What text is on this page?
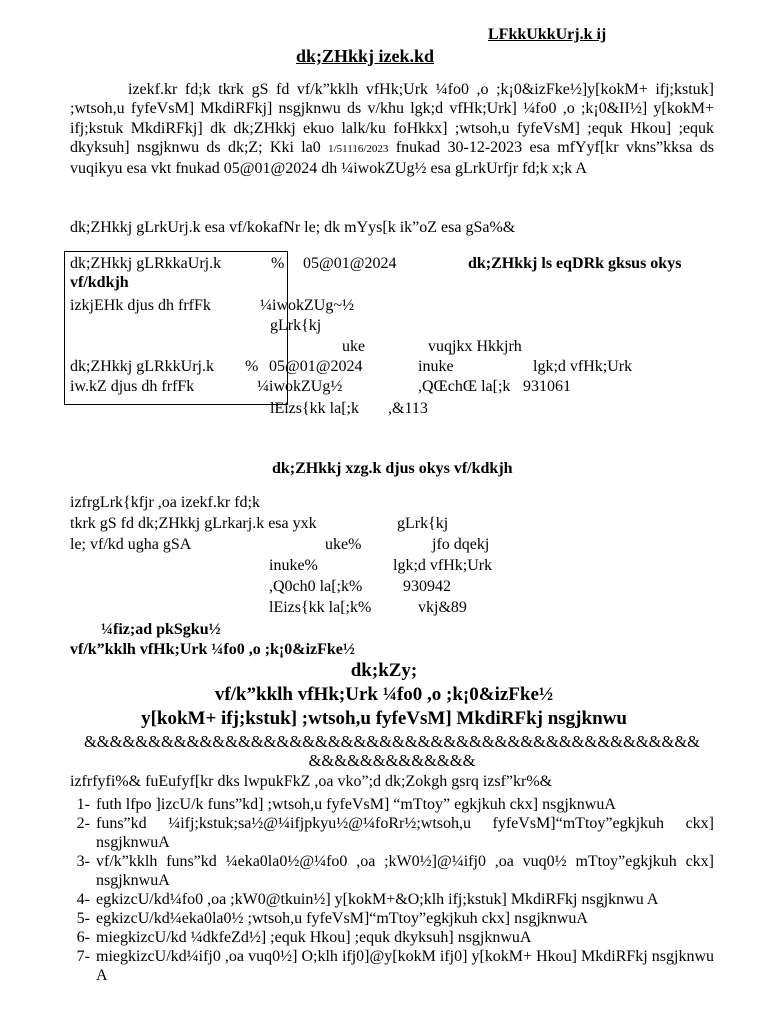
LFkkUkkUrj.k ij
dk;ZHkkj izek.kd
izekf.kr fd;k tkrk gS fd vf/k”kklh vfHk;Urk ¼fo0 ,o ;k¡0&izFke½]y[kokM+ ifj;kstuk] ;wtsoh,u fyfeVsM] MkdiRFkj] nsgjknwu ds v/khu lgk;d vfHk;Urk] ¼fo0 ,o ;k¡0&II½] y[kokM+ ifj;kstuk MkdiRFkj] dk dk;ZHkkj ekuo lalk/ku foHkkx] ;wtsoh,u fyfeVsM] ;equk Hkou] ;equk dkyksuh] nsgjknwu ds dk;Z; Kki la0 1/51116/2023 fnukad 30-12-2023 esa mfYyf[kr vkns”kksa ds vuqikyu esa vkt fnukad 05@01@2024 dh ¼iwokZUg½ esa gLrkUrfjr fd;k x;k A
dk;ZHkkj gLrkUrj.k esa vf/kokafNr le; dk mYys[k ik”oZ esa gSa%&
dk;ZHkkj gLRkkaUrj.k	% 05@01@2024	dk;ZHkkj ls eqDRk gksus okys
vf/kdkjh
izkjEHk djus dh frfFk	¼iwokZUg~½
gLrk{kj
uke	vuqjkx Hkkjrh
dk;ZHkkj gLRkkUrj.k % 05@01@2024	inuke	lgk;d vfHk;Urk
iw.kZ djus dh frfFk	¼iwokZUg½	,QŒchŒ la[;k 931061
lEizs{kk la[;k ,&113
dk;ZHkkj xzg.k djus okys vf/kdkjh
izfrgLrk{kfjr ,oa izekf.kr fd;k
tkrk gS fd dk;ZHkkj gLrkarj.k esa yxk	gLrk{kj
le; vf/kd ugha gSA	uke%	jfo dqekj
inuke%	lgk;d vfHk;Urk
,Q0ch0 la[;k%	930942
lEizs{kk la[;k%	vkj&89
¼fiz;ad pkSgku½
vf/k”kklh vfHk;Urk ¼fo0 ,o ;k¡0&izFke½
dk;kZy;
vf/k”kklh vfHk;Urk ¼fo0 ,o ;k¡0&izFke½
y[kokM+ ifj;kstuk] ;wtsoh,u fyfeVsM] MkdiRFkj nsgjknwu
&&&&&&&&&&&&&&&&&&&&&&&&&&&&&&&&&&&&&&&&&&&&&&&&&&&&&&&&&&&&&
izfrfyfi%& fuEufyf[kr dks lwpukFkZ ,oa vko”;d dk;Zokgh gsrq izsf”kr%&
1- futh lfpo ]izcU/k funs”kd] ;wtsoh,u fyfeVsM] “mTtoy” egkjkuh ckx] nsgjknwuA
2- funs”kd ¼ifj;kstuk;sa½@¼ifjpkyu½@¼foRr½;wtsoh,u fyfeVsM]“mTtoy”egkjkuh ckx] nsgjknwuA
3- vf/k”kklh funs”kd ¼eka0la0½@¼fo0 ,oa ;kW0½]@¼ifj0 ,oa vuq0½ mTtoy”egkjkuh ckx] nsgjknwuA
4- egkizcU/kd¼fo0 ,oa ;kW0@tkuin½] y[kokM+&O;klh ifj;kstuk] MkdiRFkj nsgjknwu A
5- egkizcU/kd¼eka0la0½ ;wtsoh,u fyfeVsM]“mTtoy”egkjkuh ckx] nsgjknwuA
6- miegkizcU/kd ¼dkfeZd½] ;equk Hkou] ;equk dkyksuh] nsgjknwuA
7- miegkizcU/kd¼ifj0 ,oa vuq0½] O;klh ifj0]@y[kokM ifj0] y[kokM+ Hkou] MkdiRFkj nsgjknwu A
